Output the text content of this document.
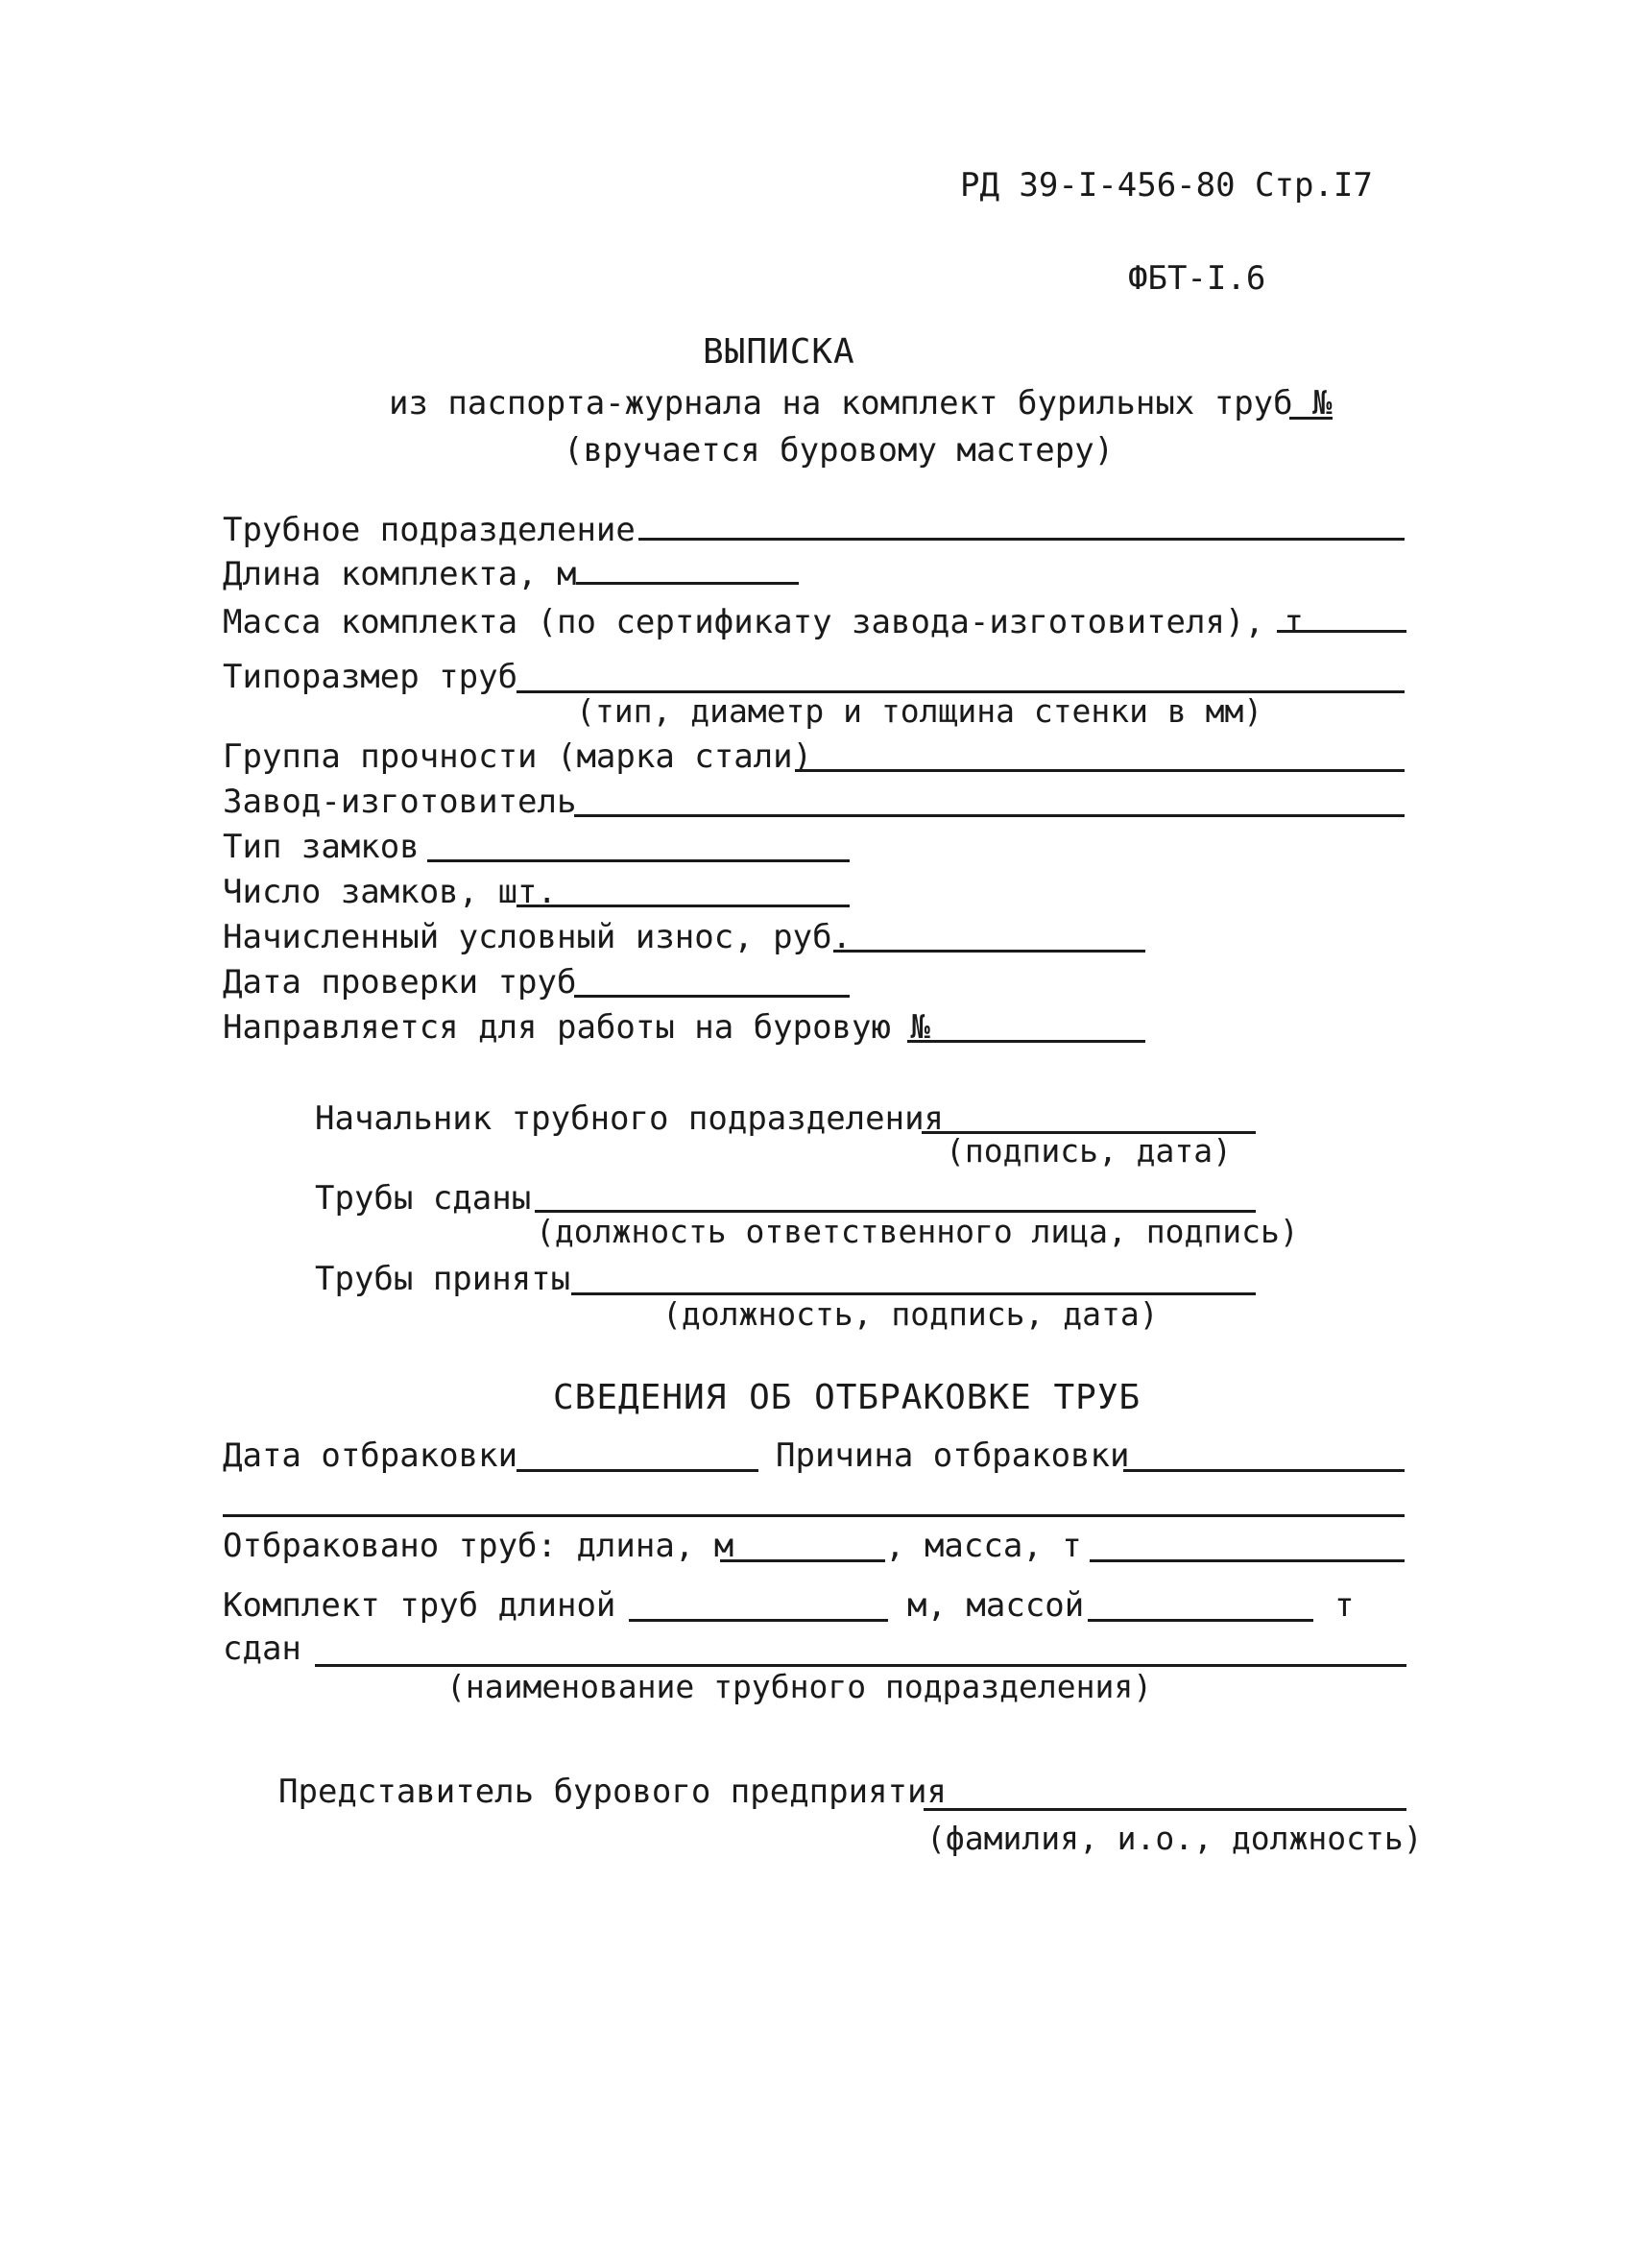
РД 39-I-456-80 Стр.I7
ФБТ-I.6
ВЫПИСКА
из паспорта-журнала на комплект бурильных труб №
(вручается буровому мастеру)
Трубное подразделение
Длина комплекта, м
Масса комплекта (по сертификату завода-изготовителя), т
Типоразмер труб
(тип, диаметр и толщина стенки в мм)
Группа прочности (марка стали)
Завод-изготовитель
Тип замков
Число замков, шт.
Начисленный условный износ, руб.
Дата проверки труб
Направляется для работы на буровую №
Начальник трубного подразделения
(подпись, дата)
Трубы сданы
(должность ответственного лица, подпись)
Трубы приняты
(должность, подпись, дата)
СВЕДЕНИЯ ОБ ОТБРАКОВКЕ ТРУБ
Дата отбраковки	Причина отбраковки
Отбраковано труб: длина, м	, масса, т
Комплект труб длиной	м, массой	т
сдан
(наименование трубного подразделения)
Представитель бурового предприятия
(фамилия, и.о., должность)
